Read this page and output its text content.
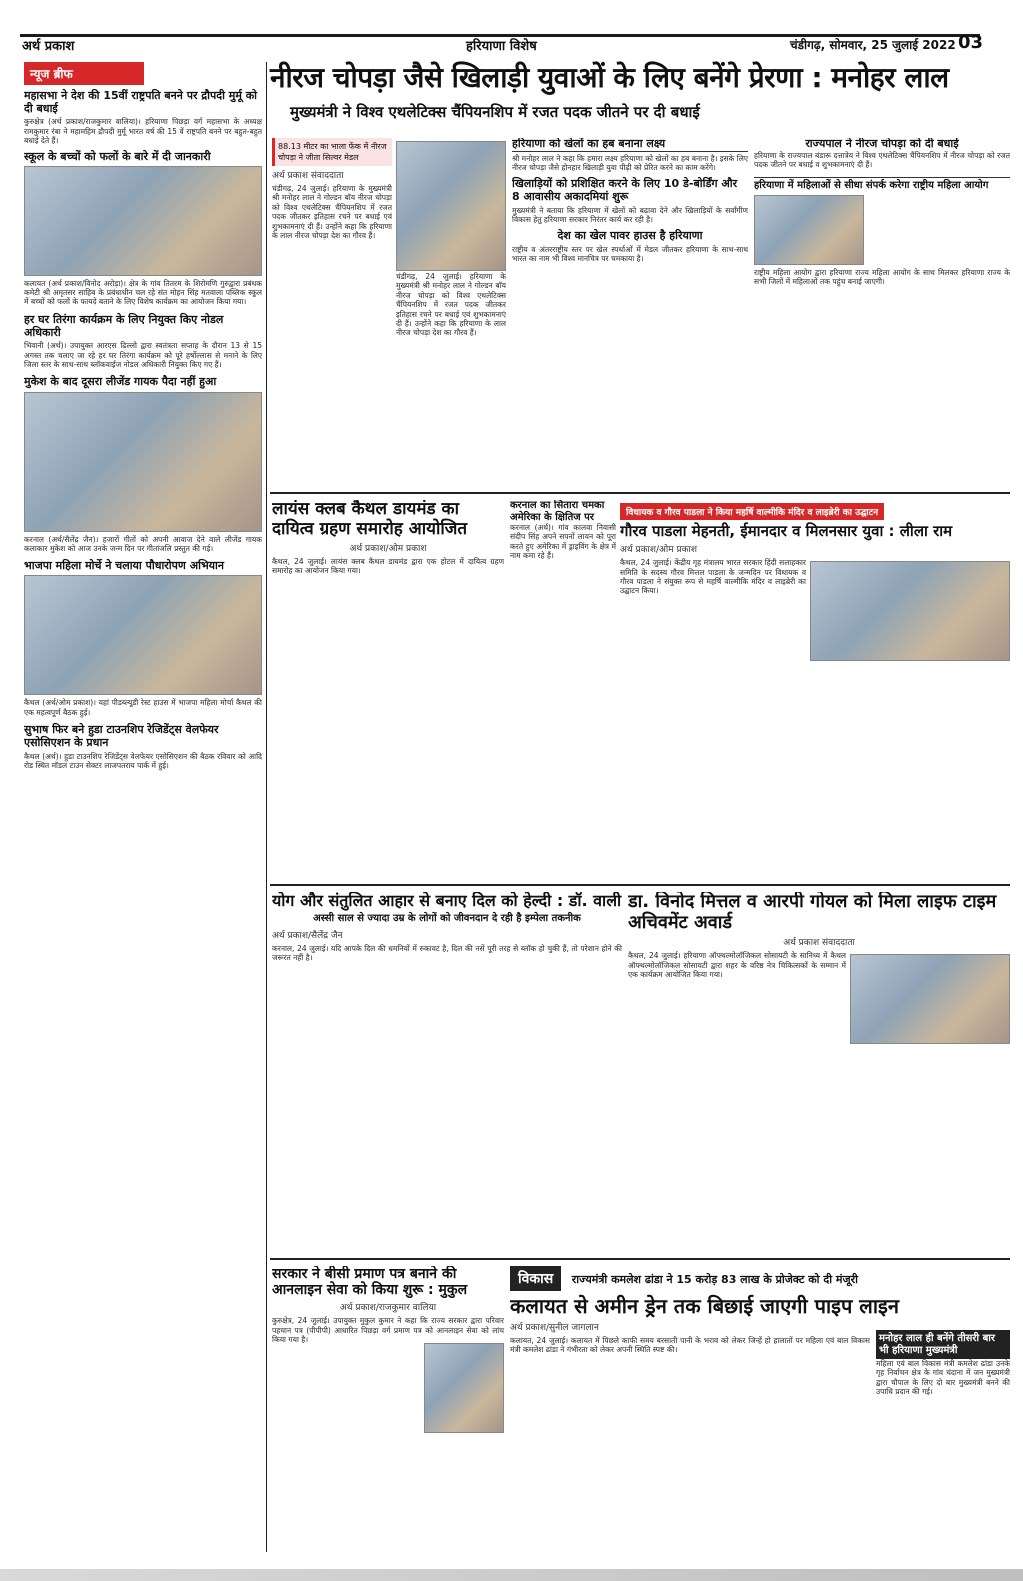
अर्थ प्रकाश	हरियाणा विशेष	चंडीगढ़, सोमवार, 25 जुलाई 2022 03
न्यूज ब्रीफ
महासभा ने देश की 15वीं राष्ट्रपति बनने पर द्रौपदी मुर्मू को दी बधाई
कुरुक्षेत्र (अर्थ प्रकाश/राजकुमार वालिया)। हरियाणा पिछड़ा वर्ग महासभा के अध्यक्ष रामकुमार रंबा ने महामहिम द्रौपदी मुर्मू भारत वर्ष की 15 वें राष्ट्रपति बनने पर बहुत-बहुत बधाई देते हैं।
स्कूल के बच्चों को फलों के बारे में दी जानकारी
कलायत (अर्थ प्रकाश/विनोद अरोड़ा)। क्षेत्र के गांव तितरम के शिरोमणि गुरुद्वारा प्रबंधक कमेटी श्री अमृतसर साहिब के प्रबंधाधीन चल रहे संत मोहन सिंह मतवाला पब्लिक स्कूल में बच्चों को फलों के फायदे बताने के लिए विशेष कार्यक्रम का आयोजन किया गया।
हर घर तिरंगा कार्यक्रम के लिए नियुक्त किए नोडल अधिकारी
भिवानी (अर्थ)। उपायुक्त आरएस ढिल्लो द्वारा स्वतंत्रता सप्ताह के दौरान 13 से 15 अगस्त तक चलाए जा रहे हर घर तिरंगा कार्यक्रम को पूरे हर्षोल्लास से मनाने के लिए जिला स्तर के साथ-साथ ब्लॉकवाईज नोडल अधिकारी नियुक्त किए गए हैं।
मुकेश के बाद दूसरा लीजेंड गायक पैदा नहीं हुआ
करनाल (अर्थ/सैलेंद्र जैन)। हजारों गीतों को अपनी आवाज देने वाले लीजेंड गायक कलाकार मुकेश को आज उनके जन्म दिन पर गीतांजलि प्रस्तुत की गई।
भाजपा महिला मोर्चे ने चलाया पौधारोपण अभियान
कैथल (अर्थ/ओम प्रकाश)। यहां पीडब्ल्यूडी रेस्ट हाउस में भाजपा महिला मोर्चा कैथल की एक महत्वपूर्ण बैठक हुई।
सुभाष फिर बने हुडा टाउनशिप रेजिडेंट्स वेलफेयर एसोसिएशन के प्रधान
कैथल (अर्थ)। हुडा टाउनशिप रेजिडेंट्स वेलफेयर एसोसिएशन की बैठक रविवार को आदि रोड स्थित मॉडल टाउन सेक्टर लाजपतराय पार्क में हुई।
नीरज चोपड़ा जैसे खिलाड़ी युवाओं के लिए बनेंगे प्रेरणा : मनोहर लाल
मुख्यमंत्री ने विश्व एथलेटिक्स चैंपियनशिप में रजत पदक जीतने पर दी बधाई
88.13 मीटर का भाला फेंक में नीरज चोपड़ा ने जीता सिल्वर मेडल
अर्थ प्रकाश संवाददाता
चंडीगढ़, 24 जुलाई। हरियाणा के मुख्यमंत्री श्री मनोहर लाल ने गोल्डन बॉय नीरज चोपड़ा को विश्व एथलेटिक्स चैंपियनशिप में रजत पदक जीतकर इतिहास रचने पर बधाई एवं शुभकामनाएं दी हैं। उन्होंने कहा कि हरियाणा के लाल नीरज चोपड़ा देश का गौरव हैं।
चंडीगढ़, 24 जुलाई। हरियाणा के मुख्यमंत्री श्री मनोहर लाल ने गोल्डन बॉय नीरज चोपड़ा को विश्व एथलेटिक्स चैंपियनशिप में रजत पदक जीतकर इतिहास रचने पर बधाई एवं शुभकामनाएं दी हैं। उन्होंने कहा कि हरियाणा के लाल नीरज चोपड़ा देश का गौरव हैं।
हरियाणा को खेलों का हब बनाना लक्ष्य
श्री मनोहर लाल ने कहा कि हमारा लक्ष्य हरियाणा को खेलों का हब बनाना है। इसके लिए नीरज चोपड़ा जैसे होनहार खिलाड़ी युवा पीढ़ी को प्रेरित करने का काम करेंगे।
खिलाड़ियों को प्रशिक्षित करने के लिए 10 डे-बोर्डिंग और 8 आवासीय अकादमियां शुरू
मुख्यमंत्री ने बताया कि हरियाणा में खेलों को बढ़ावा देने और खिलाड़ियों के सर्वांगीण विकास हेतु हरियाणा सरकार निरंतर कार्य कर रही है।
देश का खेल पावर हाउस है हरियाणा
राष्ट्रीय व अंतरराष्ट्रीय स्तर पर खेल स्पर्धाओं में मेडल जीतकर हरियाणा के साथ-साथ भारत का नाम भी विश्व मानचित्र पर चमकाया है।
राज्यपाल ने नीरज चोपड़ा को दी बधाई
हरियाणा के राज्यपाल बंडारू दत्तात्रेय ने विश्व एथलेटिक्स चैंपियनशिप में नीरज चोपड़ा को रजत पदक जीतने पर बधाई व शुभकामनाएं दी हैं।
हरियाणा में महिलाओं से सीधा संपर्क करेगा राष्ट्रीय महिला आयोग
राष्ट्रीय महिला आयोग द्वारा हरियाणा राज्य महिला आयोग के साथ मिलकर हरियाणा राज्य के सभी जिलों में महिलाओं तक पहुंच बनाई जाएगी।
लायंस क्लब कैथल डायमंड का दायित्व ग्रहण समारोह आयोजित
अर्थ प्रकाश/ओम प्रकाश
कैथल, 24 जुलाई। लायंस क्लब कैथल डायमंड द्वारा एक होटल में दायित्व ग्रहण समारोह का आयोजन किया गया।
करनाल का सितारा चमका अमेरिका के क्षितिज पर
करनाल (अर्थ)। गांव कालवा निवासी संदीप सिंह अपने सपनों लायन को पूरा करते हुए अमेरिका में ड्राइविंग के क्षेत्र में नाम कमा रहे हैं।
विधायक व गौरव पाडला ने किया महर्षि वाल्मीकि मंदिर व लाइब्रेरी का उद्घाटन
गौरव पाडला मेहनती, ईमानदार व मिलनसार युवा : लीला राम
अर्थ प्रकाश/ओम प्रकाश
कैथल, 24 जुलाई। केंद्रीय गृह मंत्रालय भारत सरकार हिंदी सलाहकार समिति के सदस्य गौरव मित्तल पाडला के जन्मदिन पर विधायक व गौरव पाडला ने संयुक्त रूप से महर्षि वाल्मीकि मंदिर व लाइब्रेरी का उद्घाटन किया।
योग और संतुलित आहार से बनाए दिल को हेल्दी : डॉ. वाली
अस्सी साल से ज्यादा उम्र के लोगों को जीवनदान दे रही है इम्पेला तकनीक
अर्थ प्रकाश/सैलेंद्र जैन
करनाल, 24 जुलाई। यदि आपके दिल की धमनियों में रुकावट है, दिल की नसें पूरी तरह से ब्लॉक हो चुकी हैं, तो परेशान होने की जरूरत नहीं है।
डा. विनोद मित्तल व आरपी गोयल को मिला लाइफ टाइम अचिवमेंट अवार्ड
अर्थ प्रकाश संवाददाता
कैथल, 24 जुलाई। हरियाणा ऑफ्थल्मोलॉजिकल सोसायटी के सानिध्य में कैथल ऑफ्थल्मोलॉजिकल सोसायटी द्वारा शहर के वरिष्ठ नेत्र चिकित्सकों के सम्मान में एक कार्यक्रम आयोजित किया गया।
सरकार ने बीसी प्रमाण पत्र बनाने की आनलाइन सेवा को किया शुरू : मुकुल
अर्थ प्रकाश/राजकुमार वालिया
कुरुक्षेत्र, 24 जुलाई। उपायुक्त मुकुल कुमार ने कहा कि राज्य सरकार द्वारा परिवार पहचान पत्र (पीपीपी) आधारित पिछड़ा वर्ग प्रमाण पत्र को आनलाइन सेवा को लांच किया गया है।
विकास राज्यमंत्री कमलेश ढांडा ने 15 करोड़ 83 लाख के प्रोजेक्ट को दी मंजूरी
कलायत से अमीन ड्रेन तक बिछाई जाएगी पाइप लाइन
अर्थ प्रकाश/सुनील जागलान
कलायत, 24 जुलाई। कलायत में पिछले काफी समय बरसाती पानी के भराव को लेकर जिन्हें हो हालातों पर महिला एवं बाल विकास मंत्री कमलेश ढांडा ने गंभीरता को लेकर अपनी स्थिति स्पष्ट की।
मनोहर लाल ही बनेंगे तीसरी बार भी हरियाणा मुख्यमंत्री
महिला एवं बाल विकास मंत्री कमलेश ढांडा उनके गृह निर्वाचन क्षेत्र के गांव चंदाना में जन मुख्यमंत्री द्वारा चौपाल के लिए दो बार मुख्यमंत्री बनने की उपाधि प्रदान की गई।
